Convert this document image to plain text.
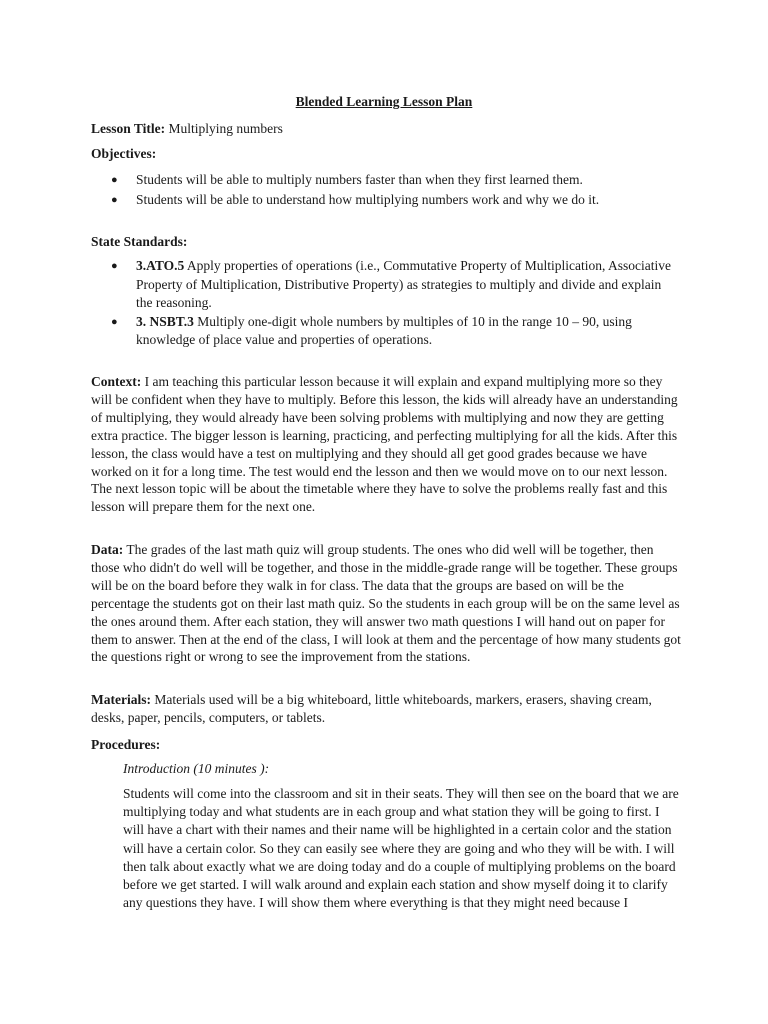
Blended Learning Lesson Plan
Lesson Title: Multiplying numbers
Objectives:
● Students will be able to multiply numbers faster than when they first learned them.
● Students will be able to understand how multiplying numbers work and why we do it.
State Standards:
● 3.ATO.5 Apply properties of operations (i.e., Commutative Property of Multiplication, Associative Property of Multiplication, Distributive Property) as strategies to multiply and divide and explain the reasoning.
● 3. NSBT.3 Multiply one-digit whole numbers by multiples of 10 in the range 10 – 90, using knowledge of place value and properties of operations.

Context: I am teaching this particular lesson because it will explain and expand multiplying more so they will be confident when they have to multiply. Before this lesson, the kids will already have an understanding of multiplying, they would already have been solving problems with multiplying and now they are getting extra practice. The bigger lesson is learning, practicing, and perfecting multiplying for all the kids. After this lesson, the class would have a test on multiplying and they should all get good grades because we have worked on it for a long time. The test would end the lesson and then we would move on to our next lesson. The next lesson topic will be about the timetable where they have to solve the problems really fast and this lesson will prepare them for the next one.

Data: The grades of the last math quiz will group students. The ones who did well will be together, then those who didn't do well will be together, and those in the middle-grade range will be together. These groups will be on the board before they walk in for class. The data that the groups are based on will be the percentage the students got on their last math quiz. So the students in each group will be on the same level as the ones around them. After each station, they will answer two math questions I will hand out on paper for them to answer. Then at the end of the class, I will look at them and the percentage of how many students got the questions right or wrong to see the improvement from the stations.

Materials: Materials used will be a big whiteboard, little whiteboards, markers, erasers, shaving cream, desks, paper, pencils, computers, or tablets.

Procedures:
Introduction (10 minutes ):

Students will come into the classroom and sit in their seats. They will then see on the board that we are multiplying today and what students are in each group and what station they will be going to first. I will have a chart with their names and their name will be highlighted in a certain color and the station will have a certain color. So they can easily see where they are going and who they will be with. I will then talk about exactly what we are doing today and do a couple of multiplying problems on the board before we get started. I will walk around and explain each station and show myself doing it to clarify any questions they have. I will show them where everything is that they might need because I
